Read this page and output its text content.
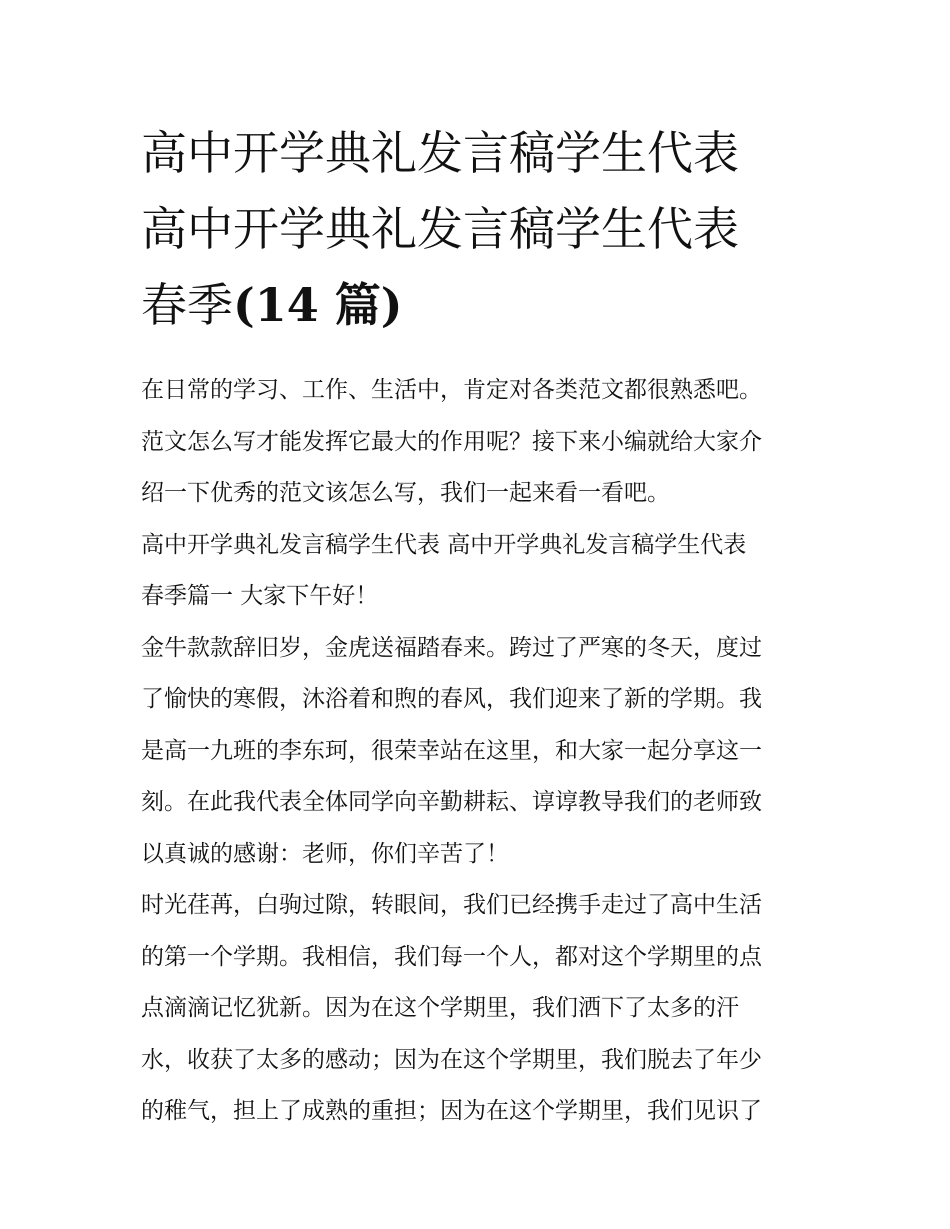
高中开学典礼发言稿学生代表
高中开学典礼发言稿学生代表
春季(14 篇)

在日常的学习、工作、生活中，肯定对各类范文都很熟悉吧。
范文怎么写才能发挥它最大的作用呢？接下来小编就给大家介
绍一下优秀的范文该怎么写，我们一起来看一看吧。

高中开学典礼发言稿学生代表 高中开学典礼发言稿学生代表
春季篇一 大家下午好！

金牛款款辞旧岁，金虎送福踏春来。跨过了严寒的冬天，度过
了愉快的寒假，沐浴着和煦的春风，我们迎来了新的学期。我
是高一九班的李东珂，很荣幸站在这里，和大家一起分享这一
刻。在此我代表全体同学向辛勤耕耘、谆谆教导我们的老师致
以真诚的感谢：老师，你们辛苦了！

时光荏苒，白驹过隙，转眼间，我们已经携手走过了高中生活
的第一个学期。我相信，我们每一个人，都对这个学期里的点
点滴滴记忆犹新。因为在这个学期里，我们洒下了太多的汗
水，收获了太多的感动；因为在这个学期里，我们脱去了年少
的稚气，担上了成熟的重担；因为在这个学期里，我们见识了
